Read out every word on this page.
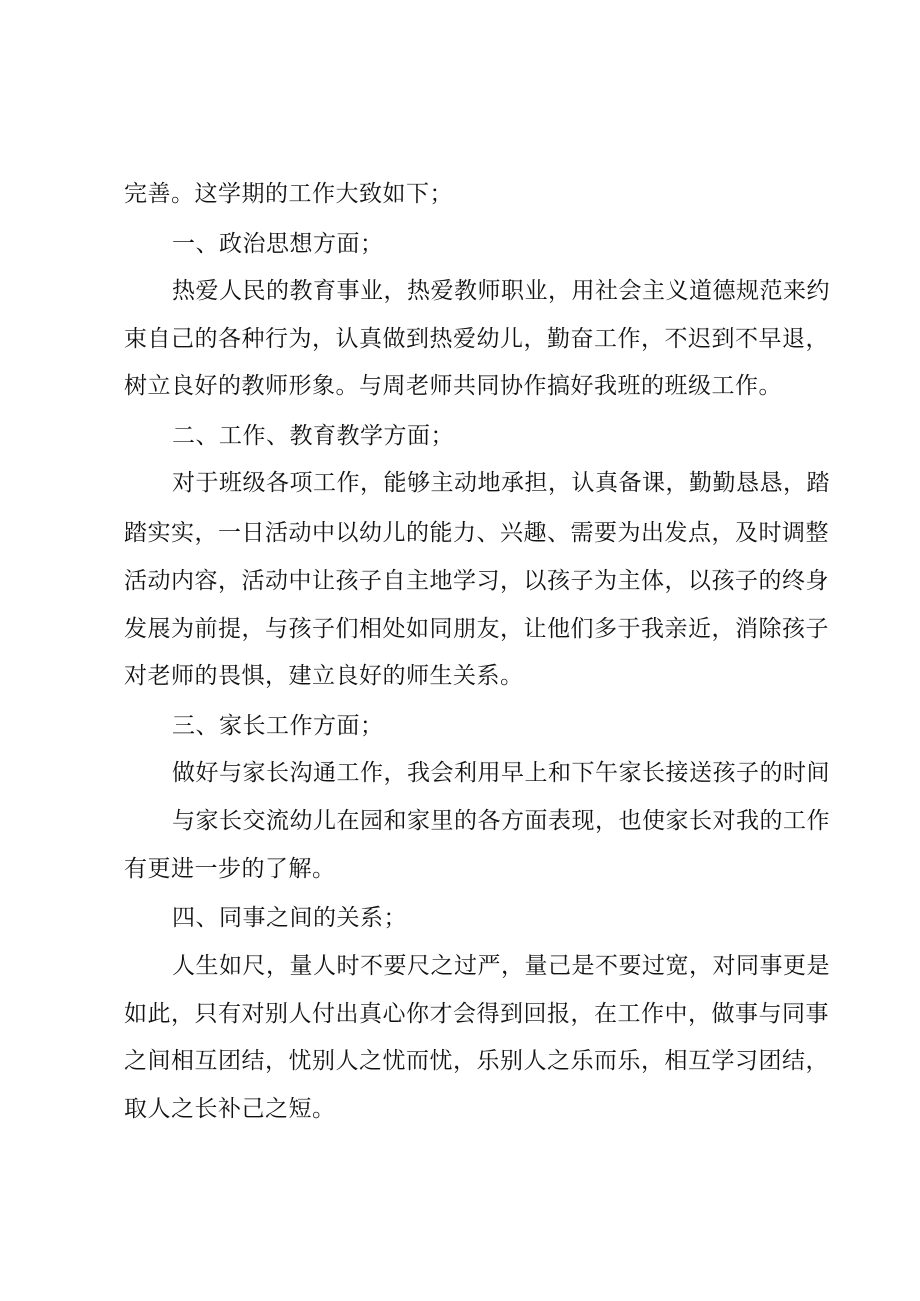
完善。这学期的工作大致如下；
一、政治思想方面；
热爱人民的教育事业，热爱教师职业，用社会主义道德规范来约
束自己的各种行为，认真做到热爱幼儿，勤奋工作，不迟到不早退，
树立良好的教师形象。与周老师共同协作搞好我班的班级工作。
二、工作、教育教学方面；
对于班级各项工作，能够主动地承担，认真备课，勤勤恳恳，踏
踏实实，一日活动中以幼儿的能力、兴趣、需要为出发点，及时调整
活动内容，活动中让孩子自主地学习，以孩子为主体，以孩子的终身
发展为前提，与孩子们相处如同朋友，让他们多于我亲近，消除孩子
对老师的畏惧，建立良好的师生关系。
三、家长工作方面；
做好与家长沟通工作，我会利用早上和下午家长接送孩子的时间
与家长交流幼儿在园和家里的各方面表现，也使家长对我的工作
有更进一步的了解。
四、同事之间的关系；
人生如尺，量人时不要尺之过严，量己是不要过宽，对同事更是
如此，只有对别人付出真心你才会得到回报，在工作中，做事与同事
之间相互团结，忧别人之忧而忧，乐别人之乐而乐，相互学习团结，
取人之长补己之短。
